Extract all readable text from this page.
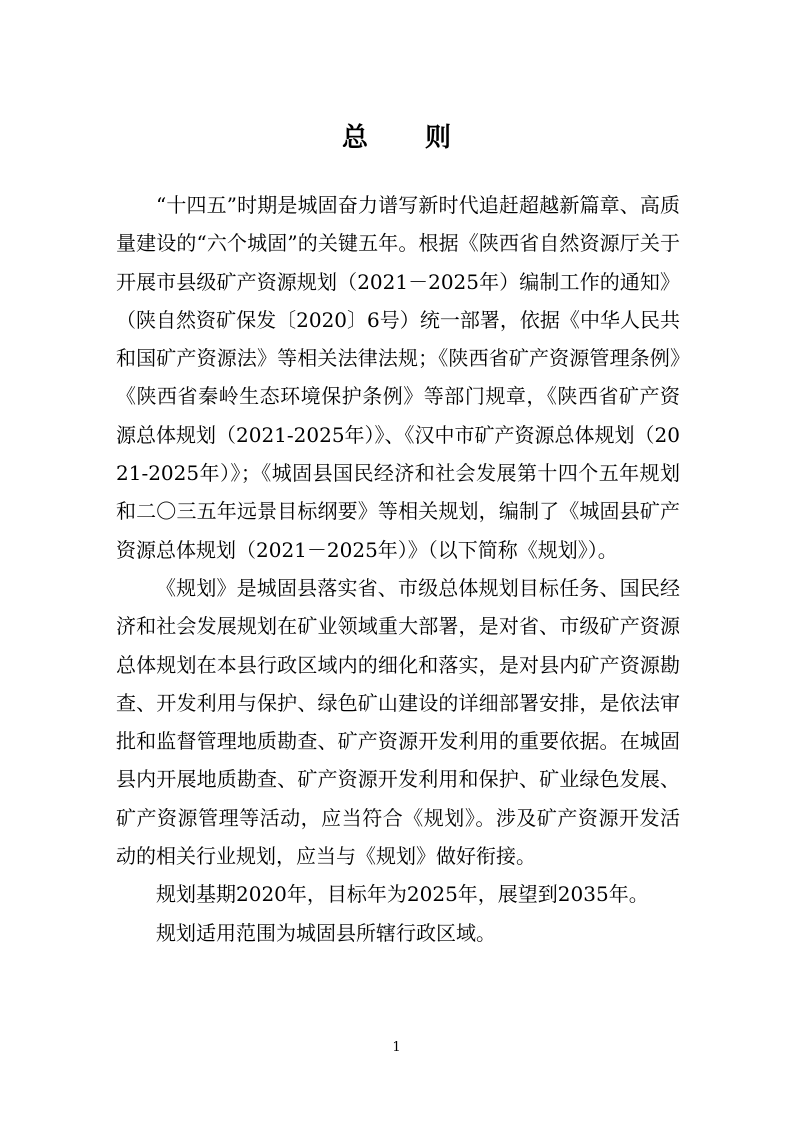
总 则

“十四五”时期是城固奋力谱写新时代追赶超越新篇章、高质量建设的“六个城固”的关键五年。根据《陕西省自然资源厅关于开展市县级矿产资源规划（2021－2025年）编制工作的通知》（陕自然资矿保发〔2020〕6号）统一部署，依据《中华人民共和国矿产资源法》等相关法律法规；《陕西省矿产资源管理条例》《陕西省秦岭生态环境保护条例》等部门规章，《陕西省矿产资源总体规划（2021-2025年）》、《汉中市矿产资源总体规划（2021-2025年）》；《城固县国民经济和社会发展第十四个五年规划和二〇三五年远景目标纲要》等相关规划，编制了《城固县矿产资源总体规划（2021－2025年）》（以下简称《规划》）。

《规划》是城固县落实省、市级总体规划目标任务、国民经济和社会发展规划在矿业领域重大部署，是对省、市级矿产资源总体规划在本县行政区域内的细化和落实，是对县内矿产资源勘查、开发利用与保护、绿色矿山建设的详细部署安排，是依法审批和监督管理地质勘查、矿产资源开发利用的重要依据。在城固县内开展地质勘查、矿产资源开发利用和保护、矿业绿色发展、矿产资源管理等活动，应当符合《规划》。涉及矿产资源开发活动的相关行业规划，应当与《规划》做好衔接。

规划基期2020年，目标年为2025年，展望到2035年。

规划适用范围为城固县所辖行政区域。

1
